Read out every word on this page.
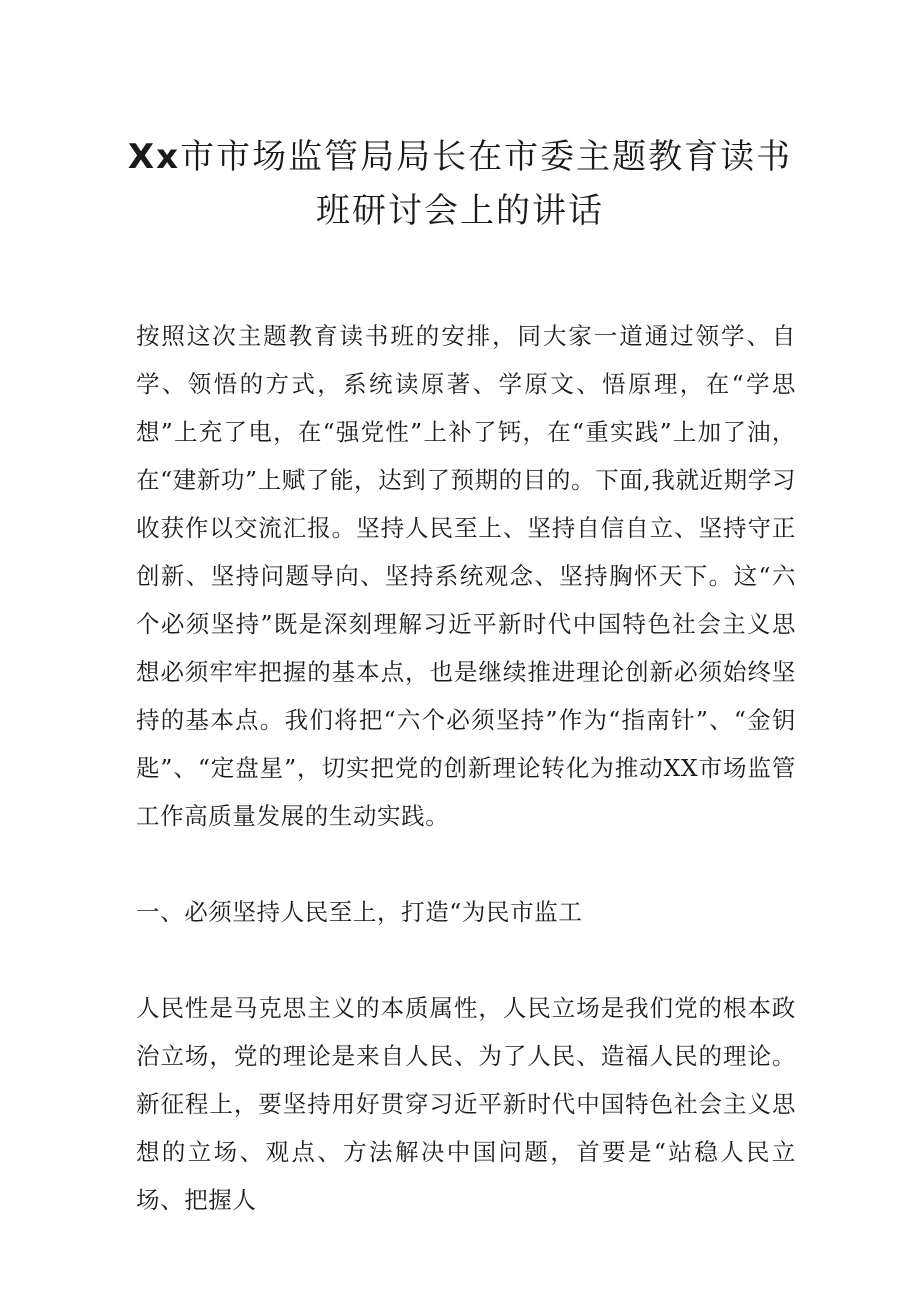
Xx市市场监管局局长在市委主题教育读书
班研讨会上的讲话

按照这次主题教育读书班的安排，同大家一道通过领学、自学、领悟的方式，系统读原著、学原文、悟原理，在“学思想”上充了电，在“强党性”上补了钙，在“重实践”上加了油，在“建新功”上赋了能，达到了预期的目的。下面,我就近期学习收获作以交流汇报。坚持人民至上、坚持自信自立、坚持守正创新、坚持问题导向、坚持系统观念、坚持胸怀天下。这“六个必须坚持”既是深刻理解习近平新时代中国特色社会主义思想必须牢牢把握的基本点，也是继续推进理论创新必须始终坚持的基本点。我们将把“六个必须坚持”作为“指南针”、“金钥匙”、“定盘星”，切实把党的创新理论转化为推动XX市场监管工作高质量发展的生动实践。

一、必须坚持人民至上，打造“为民市监工

人民性是马克思主义的本质属性，人民立场是我们党的根本政治立场，党的理论是来自人民、为了人民、造福人民的理论。新征程上，要坚持用好贯穿习近平新时代中国特色社会主义思想的立场、观点、方法解决中国问题，首要是“站稳人民立场、把握人
